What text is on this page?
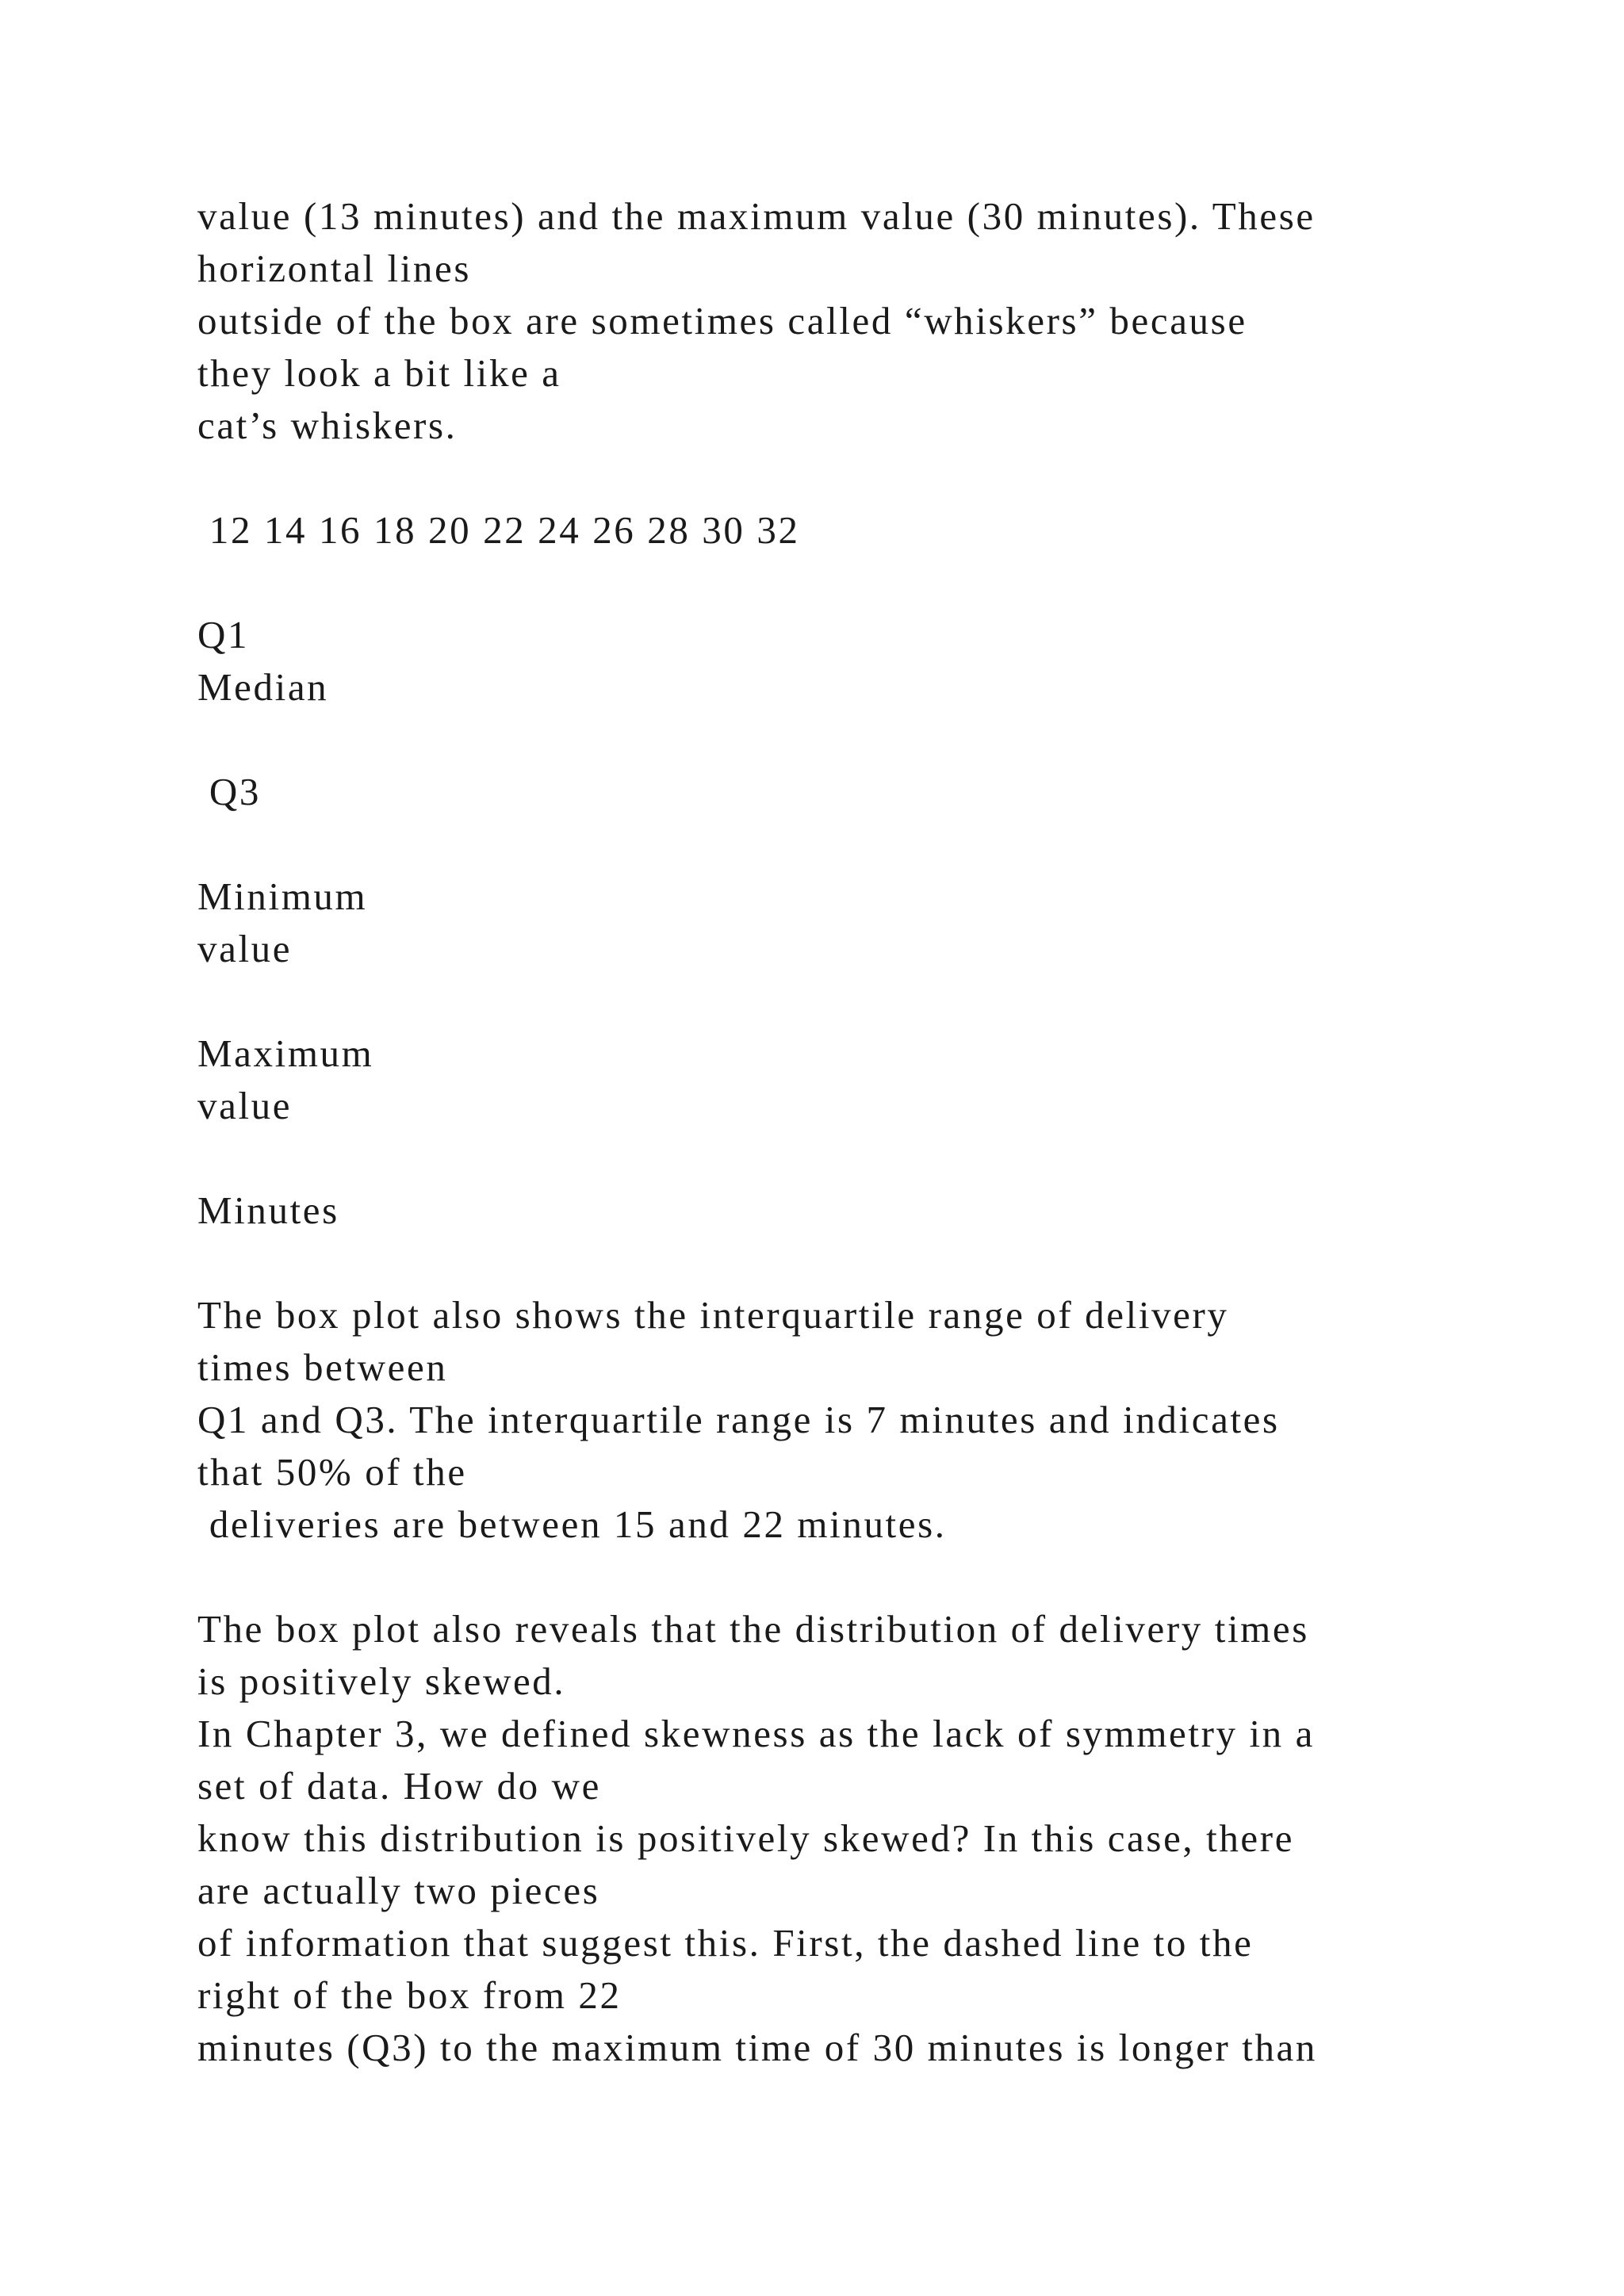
value (13 minutes) and the maximum value (30 minutes). These
horizontal lines
outside of the box are sometimes called “whiskers” because
they look a bit like a
cat’s whiskers.
12 14 16 18 20 22 24 26 28 30 32
Q1
Median
Q3
Minimum
value
Maximum
value
Minutes
The box plot also shows the interquartile range of delivery
times between
Q1 and Q3. The interquartile range is 7 minutes and indicates
that 50% of the
deliveries are between 15 and 22 minutes.
The box plot also reveals that the distribution of delivery times
is positively skewed.
In Chapter 3, we defined skewness as the lack of symmetry in a
set of data. How do we
know this distribution is positively skewed? In this case, there
are actually two pieces
of information that suggest this. First, the dashed line to the
right of the box from 22
minutes (Q3) to the maximum time of 30 minutes is longer than
